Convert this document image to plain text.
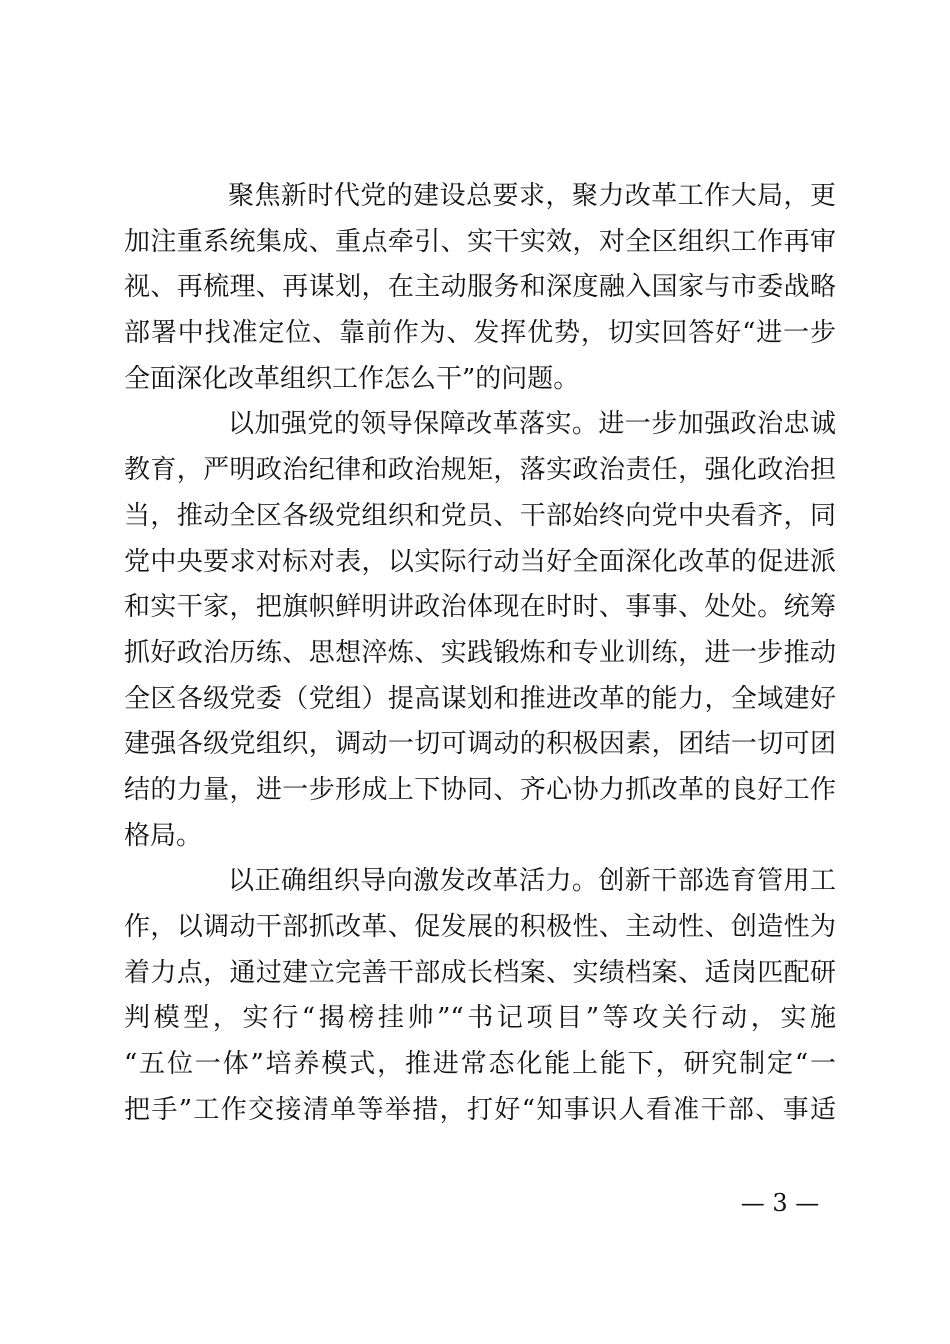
聚焦新时代党的建设总要求，聚力改革工作大局，更
加注重系统集成、重点牵引、实干实效，对全区组织工作再审
视、再梳理、再谋划，在主动服务和深度融入国家与市委战略
部署中找准定位、靠前作为、发挥优势，切实回答好“进一步
全面深化改革组织工作怎么干”的问题。
以加强党的领导保障改革落实。进一步加强政治忠诚
教育，严明政治纪律和政治规矩，落实政治责任，强化政治担
当，推动全区各级党组织和党员、干部始终向党中央看齐，同
党中央要求对标对表，以实际行动当好全面深化改革的促进派
和实干家，把旗帜鲜明讲政治体现在时时、事事、处处。统筹
抓好政治历练、思想淬炼、实践锻炼和专业训练，进一步推动
全区各级党委（党组）提高谋划和推进改革的能力，全域建好
建强各级党组织，调动一切可调动的积极因素，团结一切可团
结的力量，进一步形成上下协同、齐心协力抓改革的良好工作
格局。
以正确组织导向激发改革活力。创新干部选育管用工
作，以调动干部抓改革、促发展的积极性、主动性、创造性为
着力点，通过建立完善干部成长档案、实绩档案、适岗匹配研
判模型，实行“揭榜挂帅”“书记项目”等攻关行动，实施
“五位一体”培养模式，推进常态化能上能下，研究制定“一
把手”工作交接清单等举措，打好“知事识人看准干部、事适
— 3 —
